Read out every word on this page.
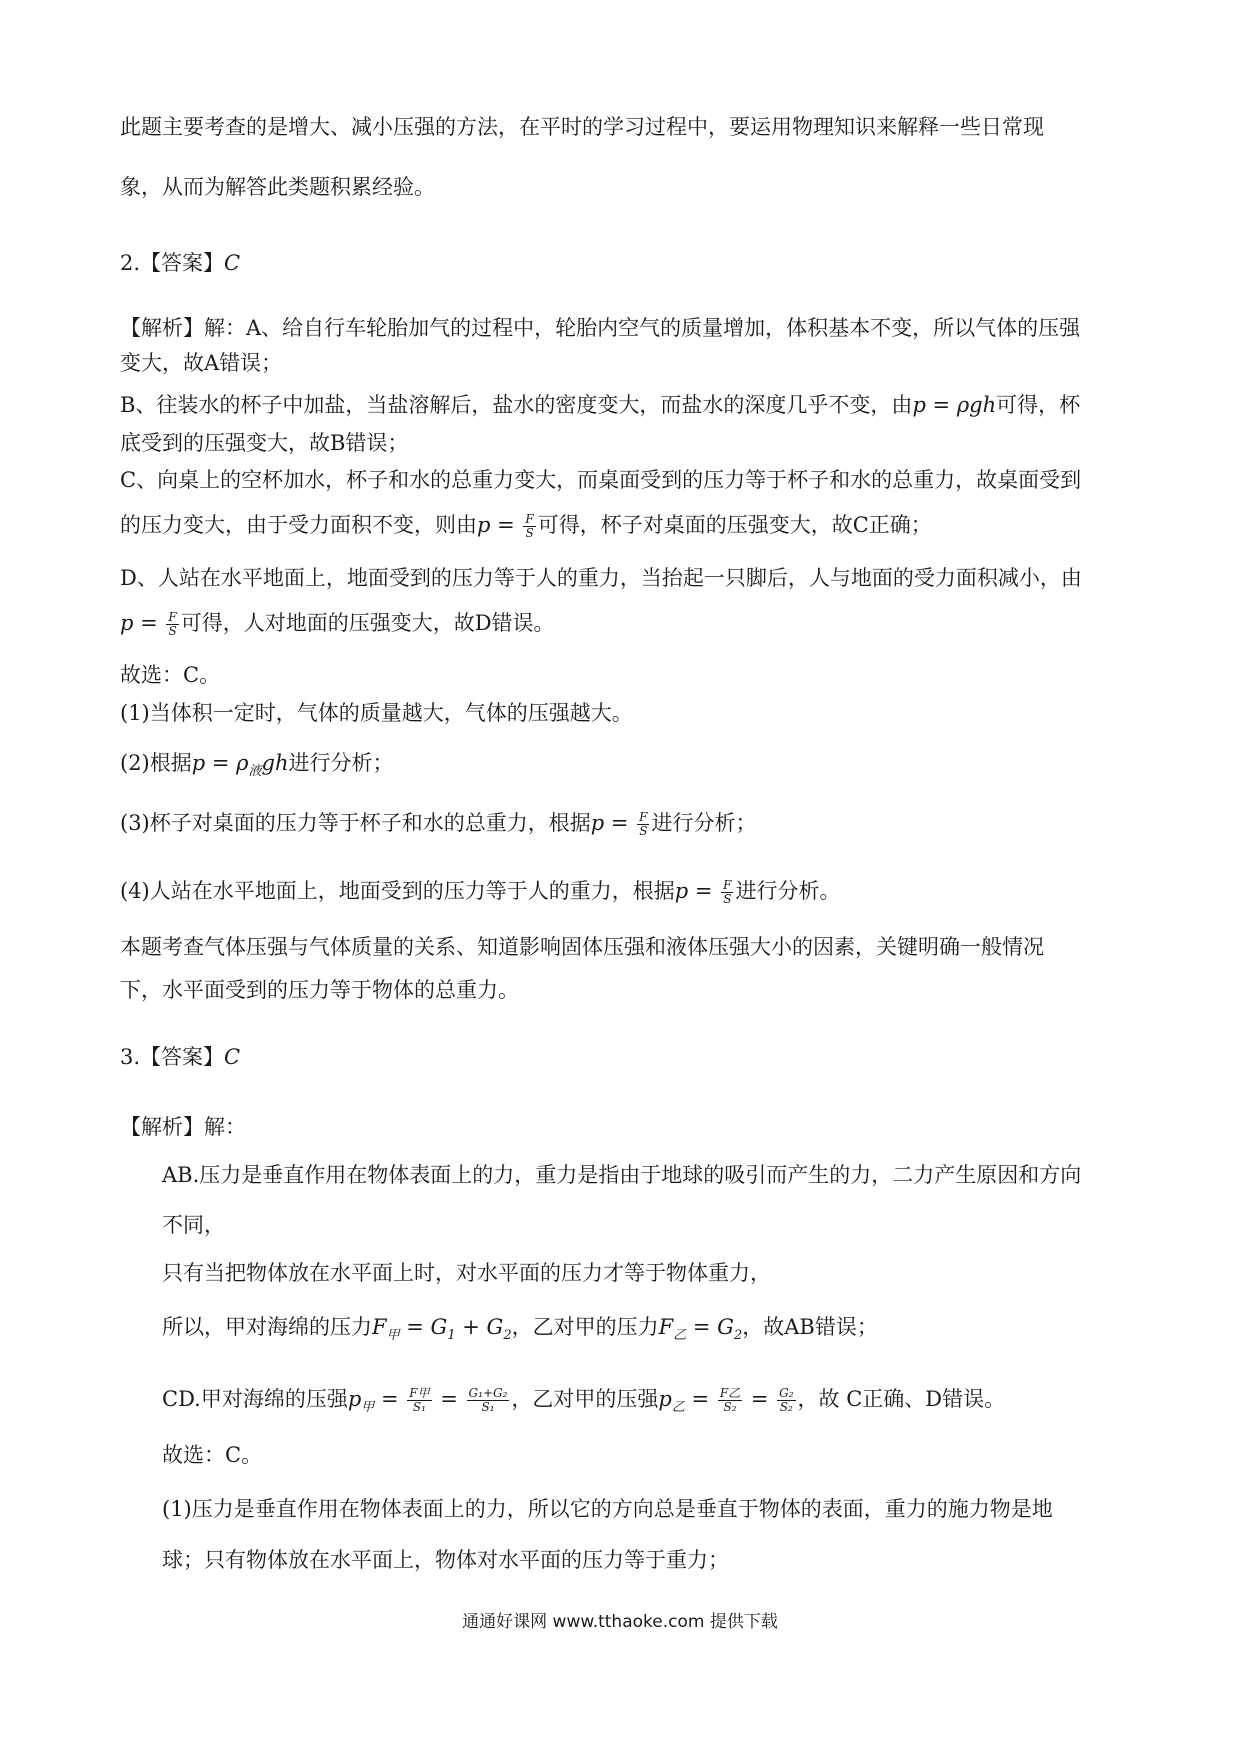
此题主要考查的是增大、减小压强的方法，在平时的学习过程中，要运用物理知识来解释一些日常现
象，从而为解答此类题积累经验。
2.【答案】C
【解析】解：A、给自行车轮胎加气的过程中，轮胎内空气的质量增加，体积基本不变，所以气体的压强
变大，故A错误；
B、往装水的杯子中加盐，当盐溶解后，盐水的密度变大，而盐水的深度几乎不变，由p = ρgh可得，杯
底受到的压强变大，故B错误；
C、向桌上的空杯加水，杯子和水的总重力变大，而桌面受到的压力等于杯子和水的总重力，故桌面受到
的压力变大，由于受力面积不变，则由$p = \frac{F}{S}$ 可得，杯子对桌面的压强变大，故C正确；
D、人站在水平地面上，地面受到的压力等于人的重力，当抬起一只脚后，人与地面的受力面积减小，由
$p = \frac{F}{S}$ 可得，人对地面的压强变大，故D错误。
故选：C。
(1)当体积一定时，气体的质量越大，气体的压强越大。
(2)根据$p = \rho_液gh$进行分析；
(3)杯子对桌面的压力等于杯子和水的总重力，根据$p = \frac{F}{S}$ 进行分析；
(4)人站在水平地面上，地面受到的压力等于人的重力，根据$p = \frac{F}{S}$ 进行分析。
本题考查气体压强与气体质量的关系、知道影响固体压强和液体压强大小的因素，关键明确一般情况
下，水平面受到的压力等于物体的总重力。
3.【答案】C
【解析】解：
AB.压力是垂直作用在物体表面上的力，重力是指由于地球的吸引而产生的力，二力产生原因和方向
不同，
只有当把物体放在水平面上时，对水平面的压力才等于物体重力，
所以，甲对海绵的压力$F_甲 = G_1 + G_2$，乙对甲的压力$F_乙 = G_2$，故AB错误；
CD.甲对海绵的压强$p_甲 = \frac{\text{F甲}}{\text{S₁}} = \frac{\text{G₁+G₂}}{\text{S₁}}$ ，乙对甲的压强$p_乙 = \frac{\text{F乙}}{\text{S₂}} = \frac{\text{G₂}}{\text{S₂}}$ ，故 C正确、D错误。
故选：C。
(1)压力是垂直作用在物体表面上的力，所以它的方向总是垂直于物体的表面，重力的施力物是地
球；只有物体放在水平面上，物体对水平面的压力等于重力；
通通好课网 www.tthaoke.com 提供下载
